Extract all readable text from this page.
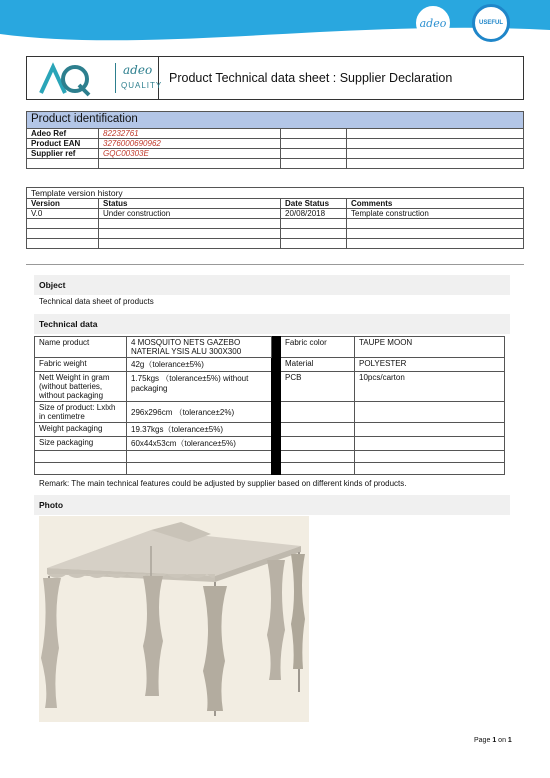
adeo	USEFUL
adeo
QUALITY
Product Technical data sheet : Supplier Declaration
Product identification			
Adeo Ref	82232761		
Product EAN	3276000690962		
Supplier ref	GQC00303E		

Template version history			
Version	Status	Date Status	Comments
V.0	Under construction	20/08/2018	Template construction

Object
Technical data sheet of products
Technical data
Name product	4 MOSQUITO NETS GAZEBO NATERIAL YSIS ALU 300X300		Fabric color	TAUPE MOON
Fabric weight	42g（tolerance±5%)		Material	POLYESTER
Nett Weight in gram (without batteries, without packaging	1.75kgs （tolerance±5%) without packaging		PCB	10pcs/carton
Size of product: Lxlxh in centimetre	296x296cm （tolerance±2%)			
Weight packaging	19.37kgs（tolerance±5%)			
Size packaging	60x44x53cm（tolerance±5%)			

Remark: The main technical features could be adjusted by supplier based on different kinds of products.
Photo
Page 1 on 1
